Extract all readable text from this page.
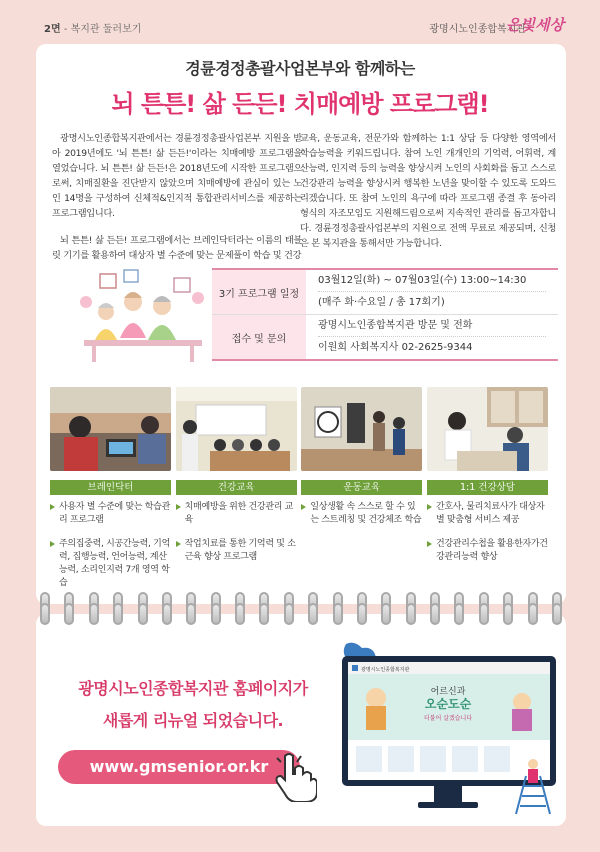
2면 - 복지관 둘러보기	광명시노인종합복지관
은빛세상
경륜경정총괄사업본부와 함께하는
뇌 튼튼! 삶 든든! 치매예방 프로그램!

광명시노인종합복지관에서는 경륜경정총괄사업본부 지원을 받아 2019년에도 '뇌 튼튼! 삶 든든!'이라는 치매예방 프로그램을 열었습니다. 뇌 튼튼! 삶 든든!은 2018년도에 시작한 프로그램으로써, 치매질환을 진단받지 않았으며 치매예방에 관심이 있는 노인 14명을 구성하여 신체적&인지적 통합관리서비스를 제공하는 프로그램입니다.

뇌 튼튼! 삶 든든! 프로그램에서는 브레인닥터라는 이름의 태블릿 기기를 활용하여 대상자 별 수준에 맞는 문제풀이 학습 및 건강

교육, 운동교육, 전문가와 함께하는 1:1 상담 등 다양한 영역에서 학습능력을 키워드립니다. 참여 노인 개개인의 기억력, 어휘력, 계산능력, 인지력 등의 능력을 향상시켜 노인의 사회화를 돕고 스스로 건강관리 능력을 향상시켜 행복한 노년을 맞이할 수 있도록 도와드리겠습니다. 또 참여 노인의 욕구에 따라 프로그램 종결 후 동아리 형식의 자조모임도 지원해드림으로써 지속적인 관리를 돕고자합니다. 경륜경정총괄사업본부의 지원으로 전액 무료로 제공되며, 신청은 본 복지관을 통해서만 가능합니다.

3기 프로그램 일정
03월12일(화) ~ 07월03일(수) 13:00~14:30
(매주 화·수요일 / 총 17회기)
접수 및 문의
광명시노인종합복지관 방문 및 전화
이원희 사회복지사 02-2625-9344
브레인닥터
사용자 별 수준에 맞는 학습관리 프로그램
주의집중력, 시공간능력, 기억력, 집행능력, 언어능력, 계산능력, 소리인지력 7개 영역 학습
건강교육
치매예방을 위한 건강관리 교육
작업치료를 통한 기억력 및 소근육 향상 프로그램
운동교육
일상생활 속 스스로 할 수 있는 스트레칭 및 건강체조 학습
1:1 건강상담
간호사, 물리치료사가 대상자별 맞춤형 서비스 제공
건강관리수첩을 활용한자가건강관리능력 향상
광명시노인종합복지관 홈페이지가
새롭게 리뉴얼 되었습니다.
www.gmsenior.or.kr
광명시노인종합복지관
어르신과
오순도순
더불어 살겠습니다
